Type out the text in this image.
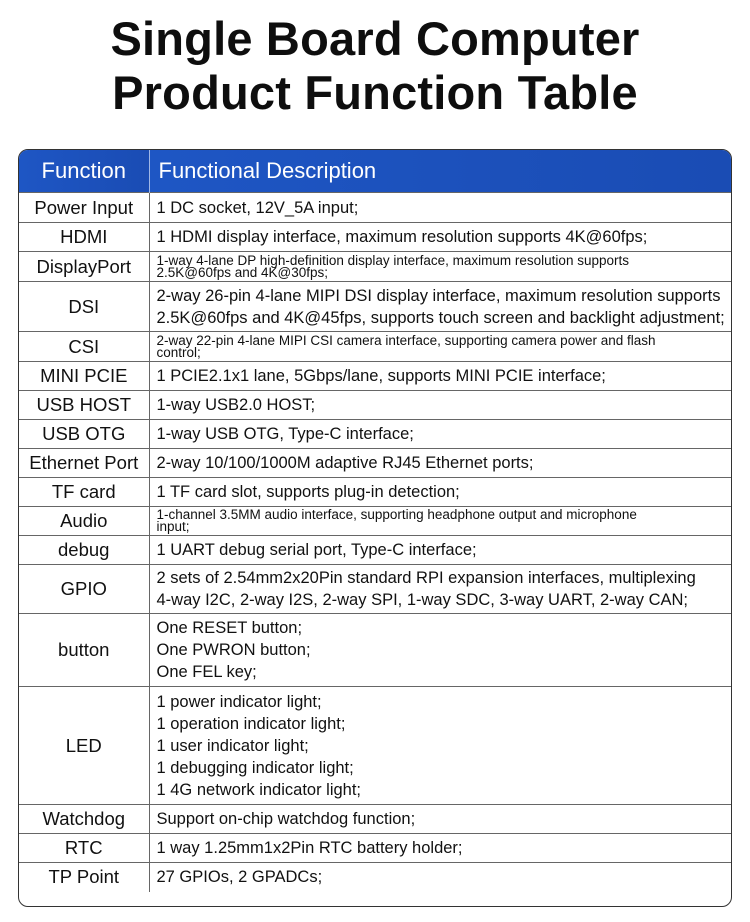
Single Board Computer
Product Function Table
Function	Functional Description
Power Input	1 DC socket, 12V_5A input;

HDMI	1 HDMI display interface, maximum resolution supports 4K@60fps;

DisplayPort	1-way 4-lane DP high-definition display interface, maximum resolution supports
2.5K@60fps and 4K@30fps;

DSI	2-way 26-pin 4-lane MIPI DSI display interface, maximum resolution supports
2.5K@60fps and 4K@45fps, supports touch screen and backlight adjustment;

CSI	2-way 22-pin 4-lane MIPI CSI camera interface, supporting camera power and flash
control;

MINI PCIE	1 PCIE2.1x1 lane, 5Gbps/lane, supports MINI PCIE interface;

USB HOST	1-way USB2.0 HOST;

USB OTG	1-way USB OTG, Type-C interface;

Ethernet Port	2-way 10/100/1000M adaptive RJ45 Ethernet ports;

TF card	1 TF card slot, supports plug-in detection;

Audio	1-channel 3.5MM audio interface, supporting headphone output and microphone
input;

debug	1 UART debug serial port, Type-C interface;

GPIO	2 sets of 2.54mm2x20Pin standard RPI expansion interfaces, multiplexing
4-way I2C, 2-way I2S, 2-way SPI, 1-way SDC, 3-way UART, 2-way CAN;

button	One RESET button;
One PWRON button;
One FEL key;

LED	1 power indicator light;
1 operation indicator light;
1 user indicator light;
1 debugging indicator light;
1 4G network indicator light;

Watchdog	Support on-chip watchdog function;

RTC	1 way 1.25mm1x2Pin RTC battery holder;

TP Point	27 GPIOs, 2 GPADCs;
